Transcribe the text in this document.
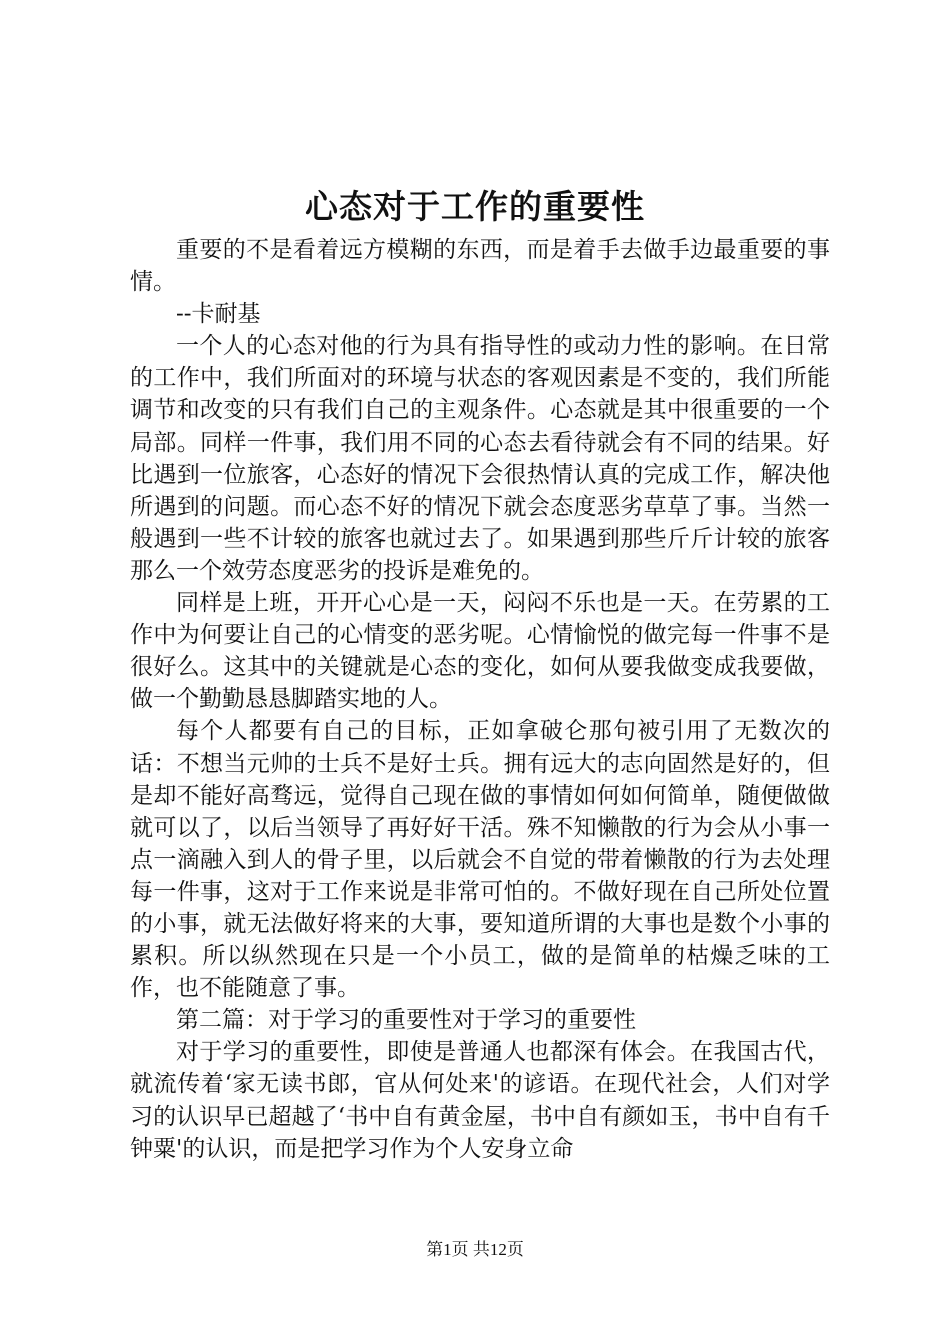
心态对于工作的重要性

重要的不是看着远方模糊的东西，而是着手去做手边最重要的事情。

--卡耐基

一个人的心态对他的行为具有指导性的或动力性的影响。在日常的工作中，我们所面对的环境与状态的客观因素是不变的，我们所能调节和改变的只有我们自己的主观条件。心态就是其中很重要的一个局部。同样一件事，我们用不同的心态去看待就会有不同的结果。好比遇到一位旅客，心态好的情况下会很热情认真的完成工作，解决他所遇到的问题。而心态不好的情况下就会态度恶劣草草了事。当然一般遇到一些不计较的旅客也就过去了。如果遇到那些斤斤计较的旅客那么一个效劳态度恶劣的投诉是难免的。

同样是上班，开开心心是一天，闷闷不乐也是一天。在劳累的工作中为何要让自己的心情变的恶劣呢。心情愉悦的做完每一件事不是很好么。这其中的关键就是心态的变化，如何从要我做变成我要做，做一个勤勤恳恳脚踏实地的人。

每个人都要有自己的目标，正如拿破仑那句被引用了无数次的话：不想当元帅的士兵不是好士兵。拥有远大的志向固然是好的，但是却不能好高骛远，觉得自己现在做的事情如何如何简单，随便做做就可以了，以后当领导了再好好干活。殊不知懒散的行为会从小事一点一滴融入到人的骨子里，以后就会不自觉的带着懒散的行为去处理每一件事，这对于工作来说是非常可怕的。不做好现在自己所处位置的小事，就无法做好将来的大事，要知道所谓的大事也是数个小事的累积。所以纵然现在只是一个小员工，做的是简单的枯燥乏味的工作，也不能随意了事。

第二篇：对于学习的重要性对于学习的重要性

对于学习的重要性，即使是普通人也都深有体会。在我国古代，就流传着‘家无读书郎，官从何处来'的谚语。在现代社会，人们对学习的认识早已超越了‘书中自有黄金屋，书中自有颜如玉，书中自有千钟粟'的认识，而是把学习作为个人安身立命

第1页 共12页
